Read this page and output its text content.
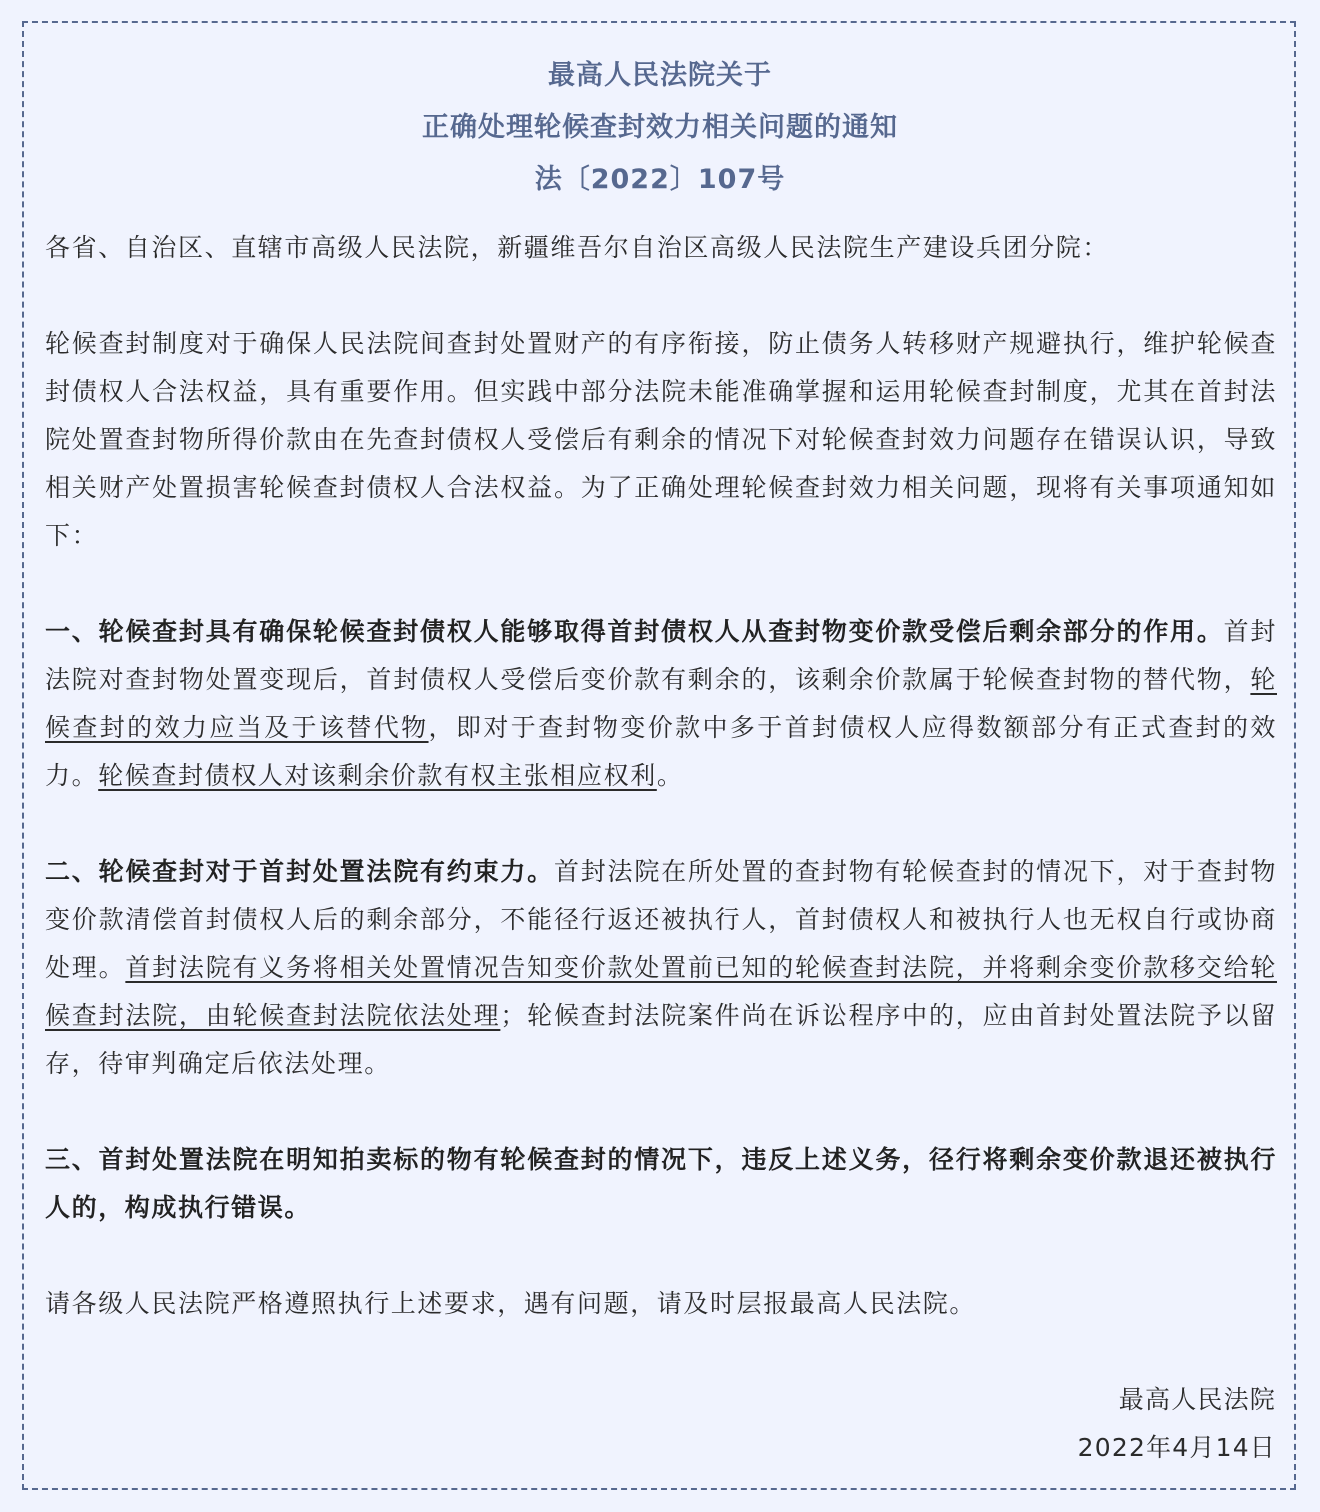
最高人民法院关于
正确处理轮候查封效力相关问题的通知
法〔2022〕107号

各省、自治区、直辖市高级人民法院，新疆维吾尔自治区高级人民法院生产建设兵团分院：

轮候查封制度对于确保人民法院间查封处置财产的有序衔接，防止债务人转移财产规避执行，维护轮候查封债权人合法权益，具有重要作用。但实践中部分法院未能准确掌握和运用轮候查封制度，尤其在首封法院处置查封物所得价款由在先查封债权人受偿后有剩余的情况下对轮候查封效力问题存在错误认识，导致相关财产处置损害轮候查封债权人合法权益。为了正确处理轮候查封效力相关问题，现将有关事项通知如下：

一、轮候查封具有确保轮候查封债权人能够取得首封债权人从查封物变价款受偿后剩余部分的作用。首封法院对查封物处置变现后，首封债权人受偿后变价款有剩余的，该剩余价款属于轮候查封物的替代物，轮候查封的效力应当及于该替代物，即对于查封物变价款中多于首封债权人应得数额部分有正式查封的效力。轮候查封债权人对该剩余价款有权主张相应权利。

二、轮候查封对于首封处置法院有约束力。首封法院在所处置的查封物有轮候查封的情况下，对于查封物变价款清偿首封债权人后的剩余部分，不能径行返还被执行人，首封债权人和被执行人也无权自行或协商处理。首封法院有义务将相关处置情况告知变价款处置前已知的轮候查封法院，并将剩余变价款移交给轮候查封法院，由轮候查封法院依法处理；轮候查封法院案件尚在诉讼程序中的，应由首封处置法院予以留存，待审判确定后依法处理。

三、首封处置法院在明知拍卖标的物有轮候查封的情况下，违反上述义务，径行将剩余变价款退还被执行人的，构成执行错误。

请各级人民法院严格遵照执行上述要求，遇有问题，请及时层报最高人民法院。

最高人民法院
2022年4月14日
